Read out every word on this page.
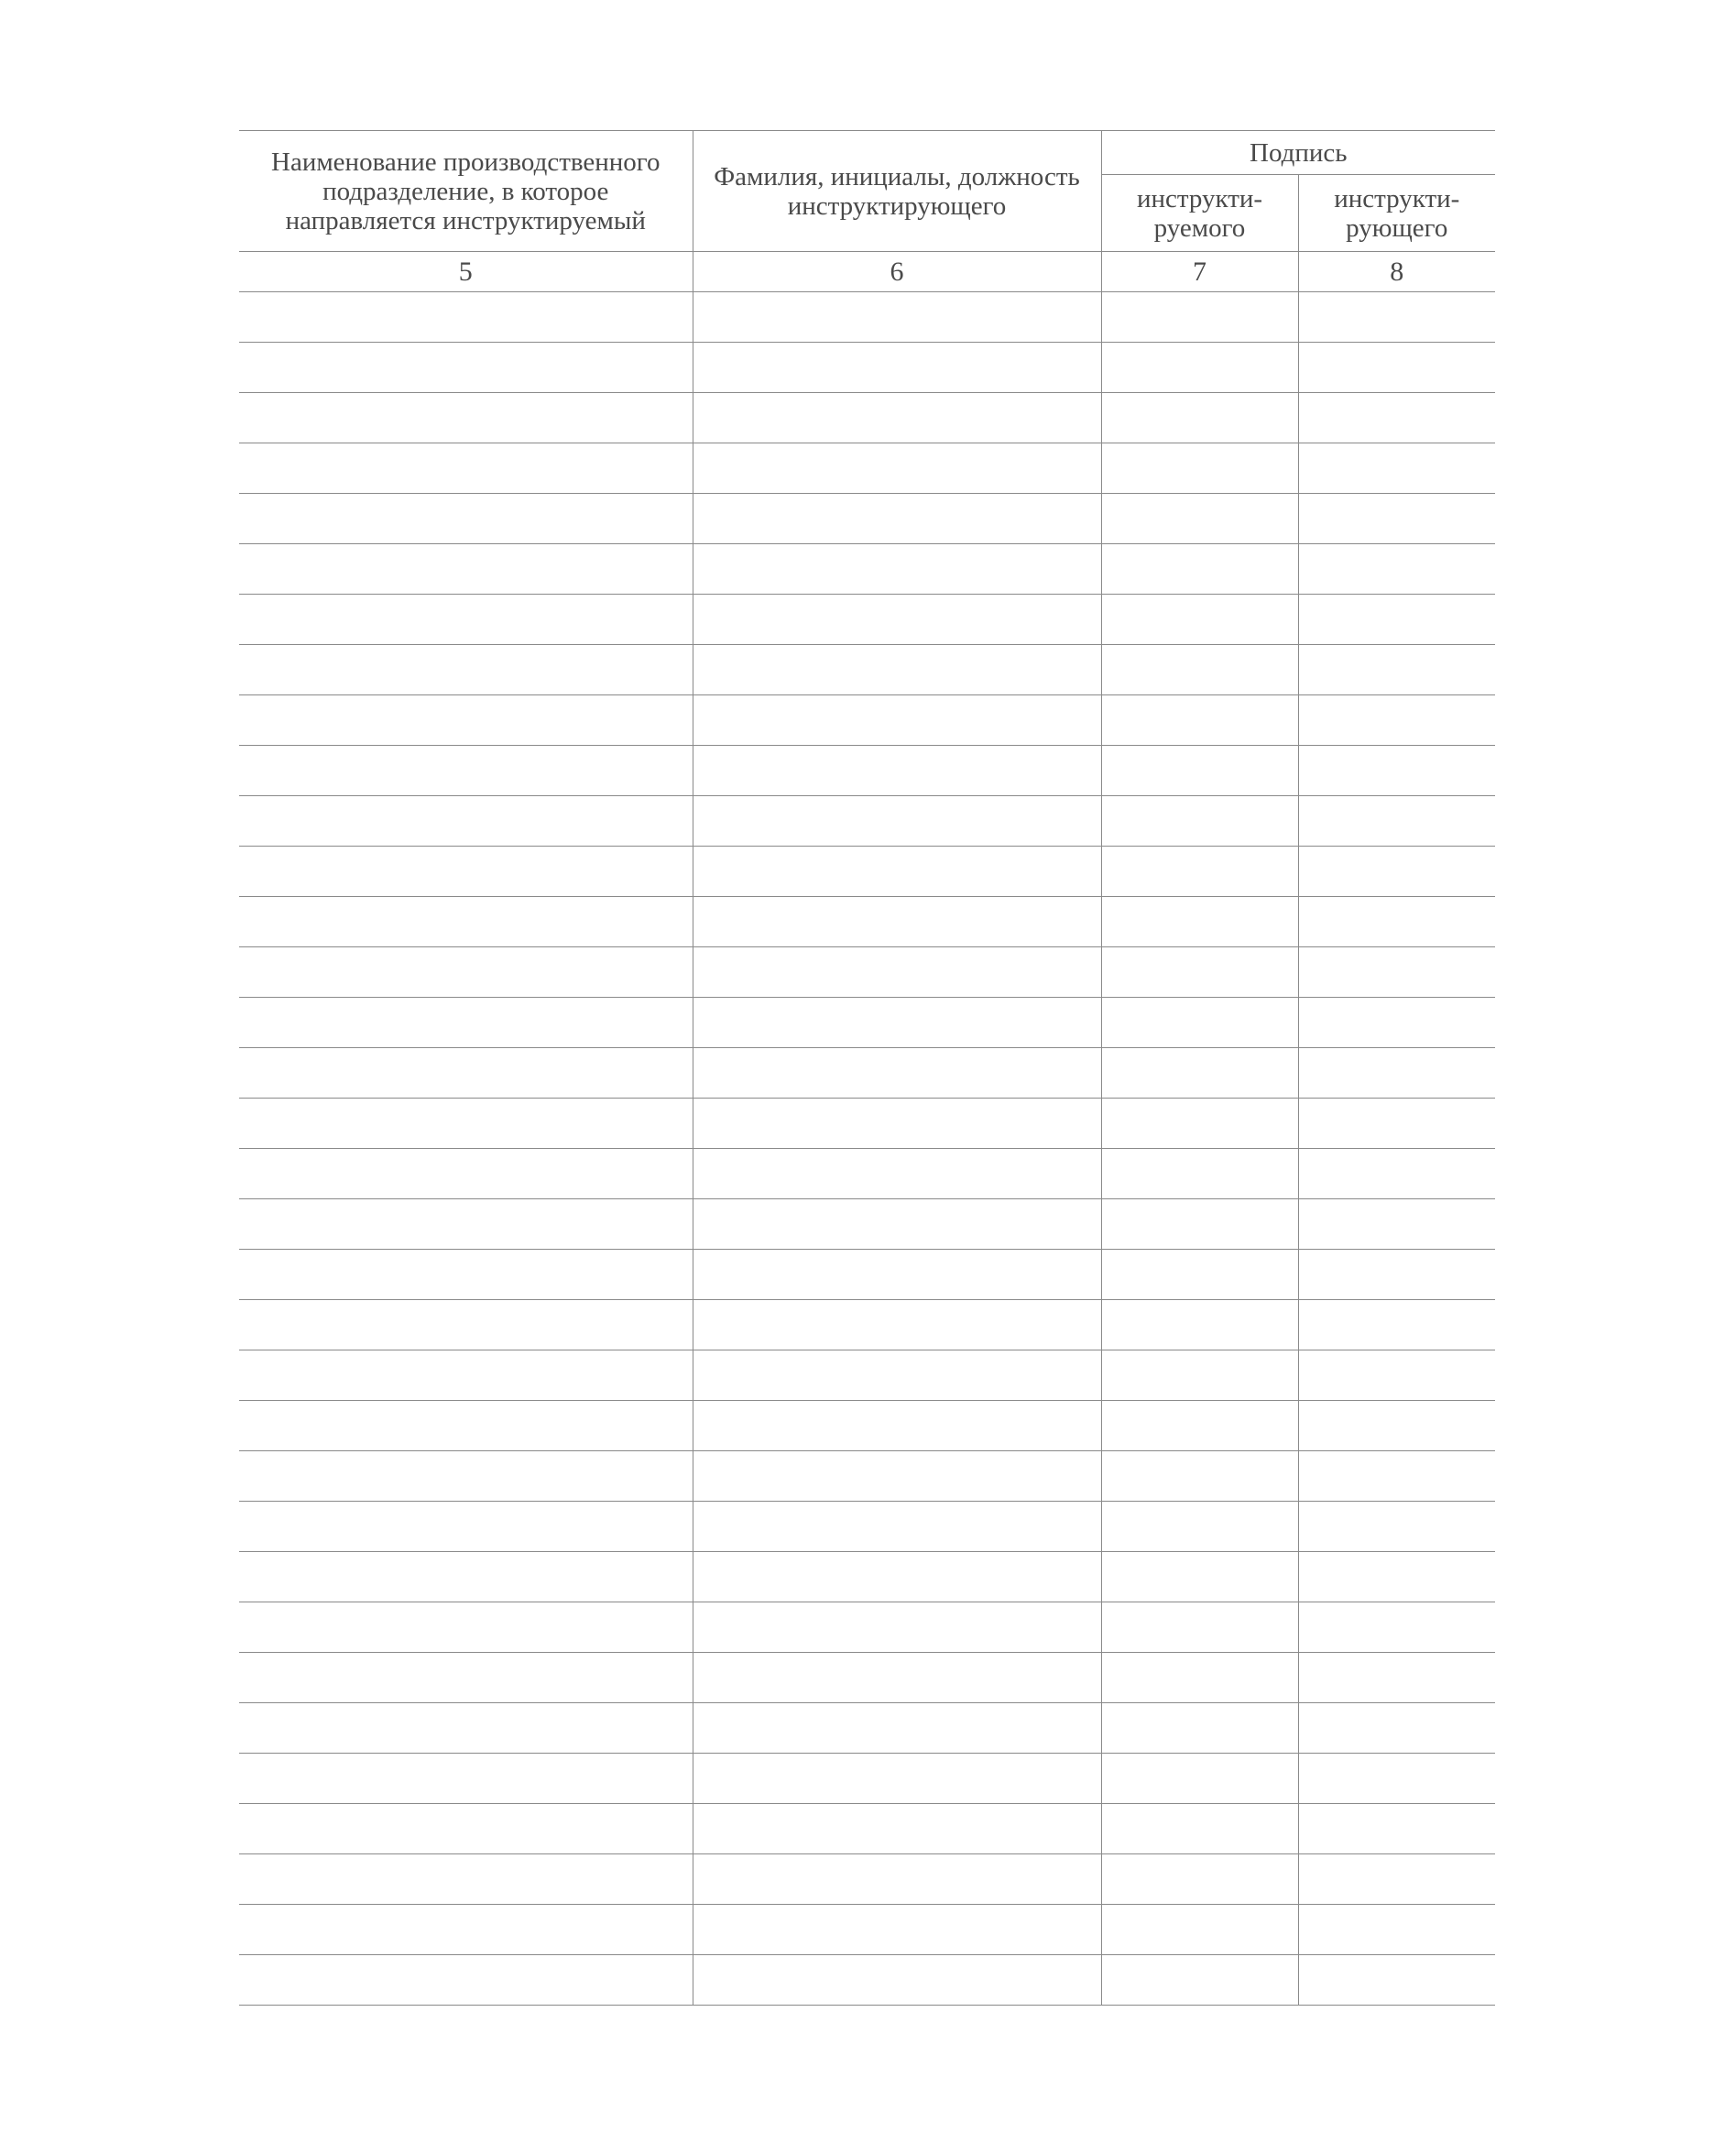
Наименование производственного подразделение, в которое направляется инструктируемый	Фамилия, инициалы, должность инструктирующего	Подпись	

		инструкти-руемого	инструкти-рующего

5	6	7	8
